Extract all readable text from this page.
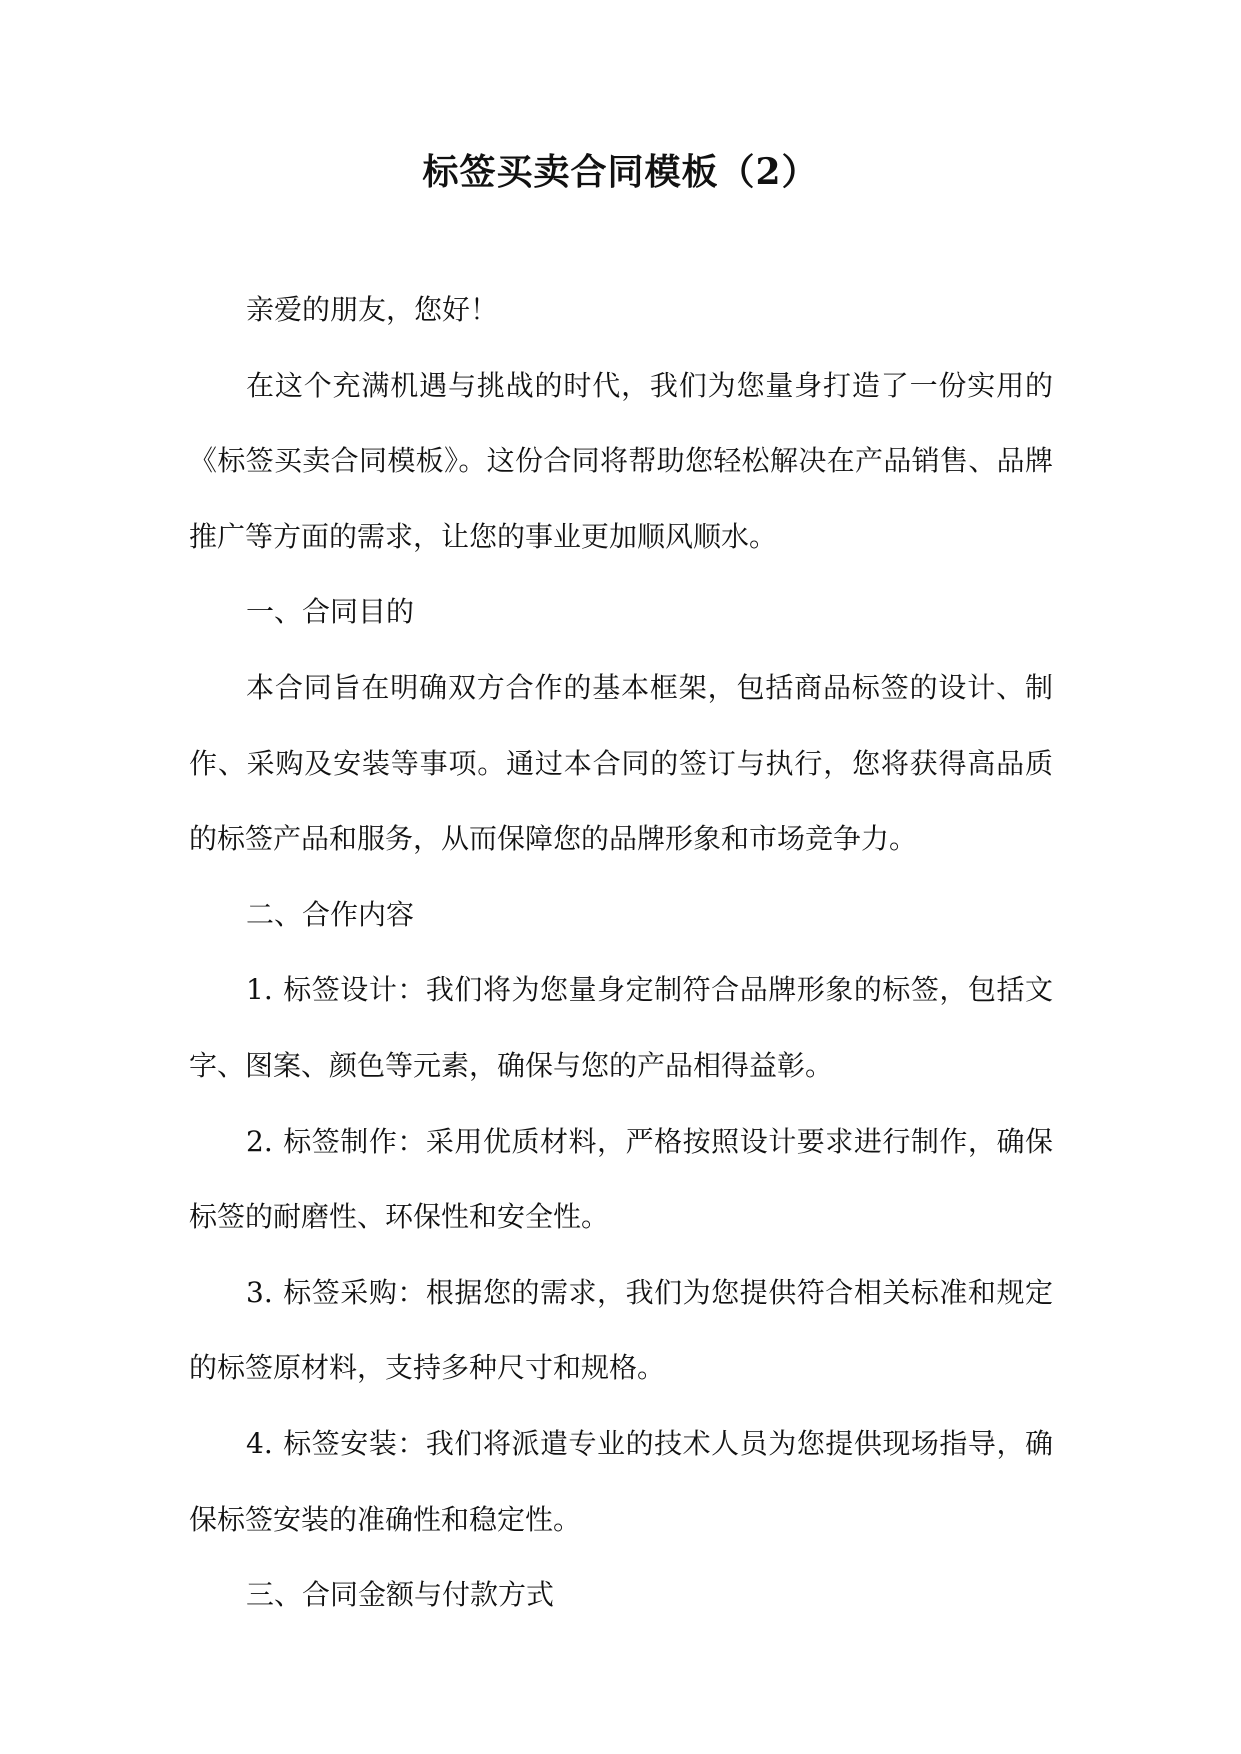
标签买卖合同模板（2）

亲爱的朋友，您好！

在这个充满机遇与挑战的时代，我们为您量身打造了一份实用的《标签买卖合同模板》。这份合同将帮助您轻松解决在产品销售、品牌推广等方面的需求，让您的事业更加顺风顺水。

一、合同目的

本合同旨在明确双方合作的基本框架，包括商品标签的设计、制作、采购及安装等事项。通过本合同的签订与执行，您将获得高品质的标签产品和服务，从而保障您的品牌形象和市场竞争力。

二、合作内容

1. 标签设计：我们将为您量身定制符合品牌形象的标签，包括文字、图案、颜色等元素，确保与您的产品相得益彰。

2. 标签制作：采用优质材料，严格按照设计要求进行制作，确保标签的耐磨性、环保性和安全性。

3. 标签采购：根据您的需求，我们为您提供符合相关标准和规定的标签原材料，支持多种尺寸和规格。

4. 标签安装：我们将派遣专业的技术人员为您提供现场指导，确保标签安装的准确性和稳定性。

三、合同金额与付款方式
